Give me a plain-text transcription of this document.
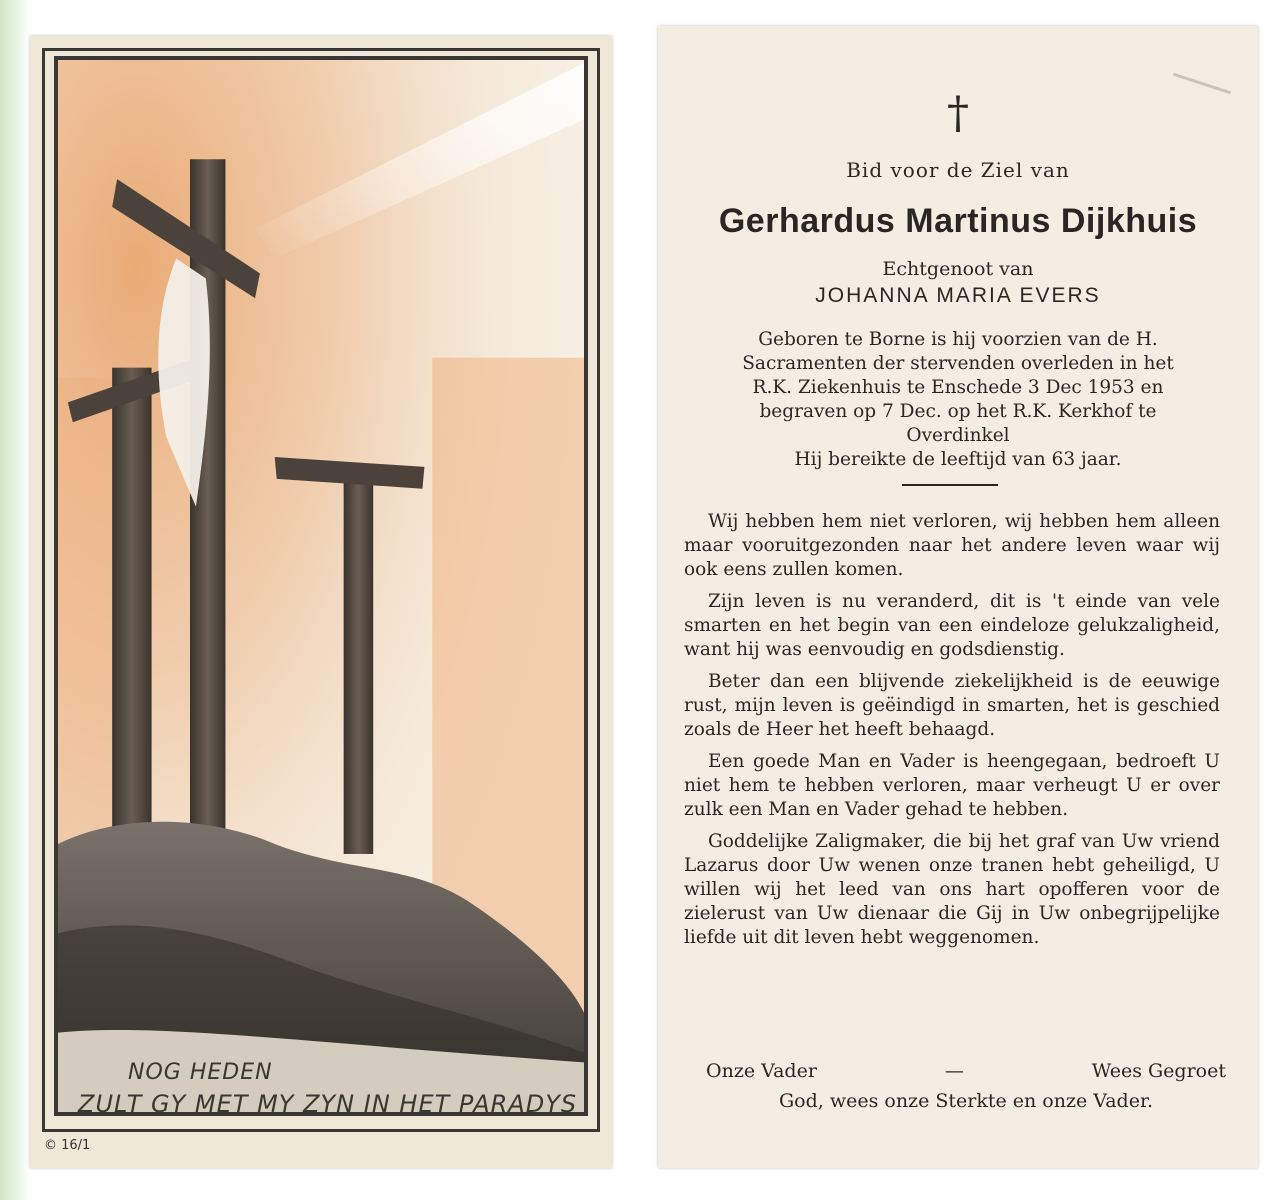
NOG HEDEN
ZULT GY MET MY ZYN IN HET PARADYS
© 16/1
†
Bid voor de Ziel van
Gerhardus Martinus Dijkhuis
Echtgenoot van
JOHANNA MARIA EVERS

Geboren te Borne is hij voorzien van de H.

Sacramenten der stervenden overleden in het

R.K. Ziekenhuis te Enschede 3 Dec 1953 en

begraven op 7 Dec. op het R.K. Kerkhof te

Overdinkel

Hij bereikte de leeftijd van 63 jaar.

Wij hebben hem niet verloren, wij hebben hem alleen maar vooruitgezonden naar het andere leven waar wij ook eens zullen komen.

Zijn leven is nu veranderd, dit is 't einde van vele smarten en het begin van een eindeloze gelukzaligheid, want hij was eenvoudig en godsdienstig.

Beter dan een blijvende ziekelijkheid is de eeuwige rust, mijn leven is geëindigd in smarten, het is geschied zoals de Heer het heeft behaagd.

Een goede Man en Vader is heengegaan, bedroeft U niet hem te hebben verloren, maar verheugt U er over zulk een Man en Vader gehad te hebben.

Goddelijke Zaligmaker, die bij het graf van Uw vriend Lazarus door Uw wenen onze tranen hebt geheiligd, U willen wij het leed van ons hart opofferen voor de zielerust van Uw dienaar die Gij in Uw onbegrijpelijke liefde uit dit leven hebt weggenomen.

Onze Vader	—	Wees Gegroet
God, wees onze Sterkte en onze Vader.
